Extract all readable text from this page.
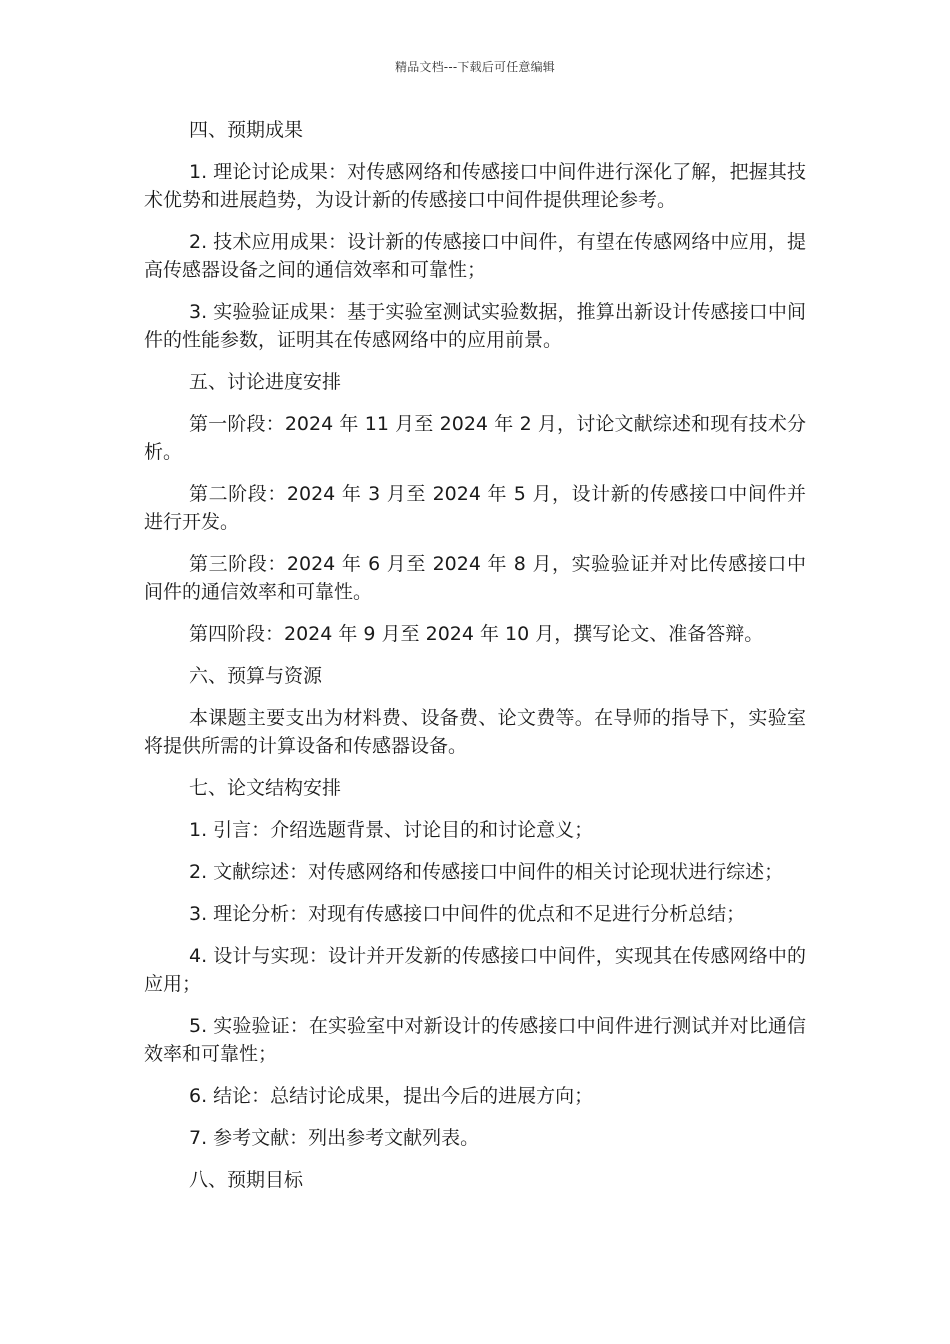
精品文档---下载后可任意编辑

四、预期成果

1. 理论讨论成果：对传感网络和传感接口中间件进行深化了解，把握其技术优势和进展趋势，为设计新的传感接口中间件提供理论参考。

2. 技术应用成果：设计新的传感接口中间件，有望在传感网络中应用，提高传感器设备之间的通信效率和可靠性；

3. 实验验证成果：基于实验室测试实验数据，推算出新设计传感接口中间件的性能参数，证明其在传感网络中的应用前景。

五、讨论进度安排

第一阶段：2024 年 11 月至 2024 年 2 月，讨论文献综述和现有技术分析。

第二阶段：2024 年 3 月至 2024 年 5 月，设计新的传感接口中间件并进行开发。

第三阶段：2024 年 6 月至 2024 年 8 月，实验验证并对比传感接口中间件的通信效率和可靠性。

第四阶段：2024 年 9 月至 2024 年 10 月，撰写论文、准备答辩。

六、预算与资源

本课题主要支出为材料费、设备费、论文费等。在导师的指导下，实验室将提供所需的计算设备和传感器设备。

七、论文结构安排

1. 引言：介绍选题背景、讨论目的和讨论意义；

2. 文献综述：对传感网络和传感接口中间件的相关讨论现状进行综述；

3. 理论分析：对现有传感接口中间件的优点和不足进行分析总结；

4. 设计与实现：设计并开发新的传感接口中间件，实现其在传感网络中的应用；

5. 实验验证：在实验室中对新设计的传感接口中间件进行测试并对比通信效率和可靠性；

6. 结论：总结讨论成果，提出今后的进展方向；

7. 参考文献：列出参考文献列表。

八、预期目标
